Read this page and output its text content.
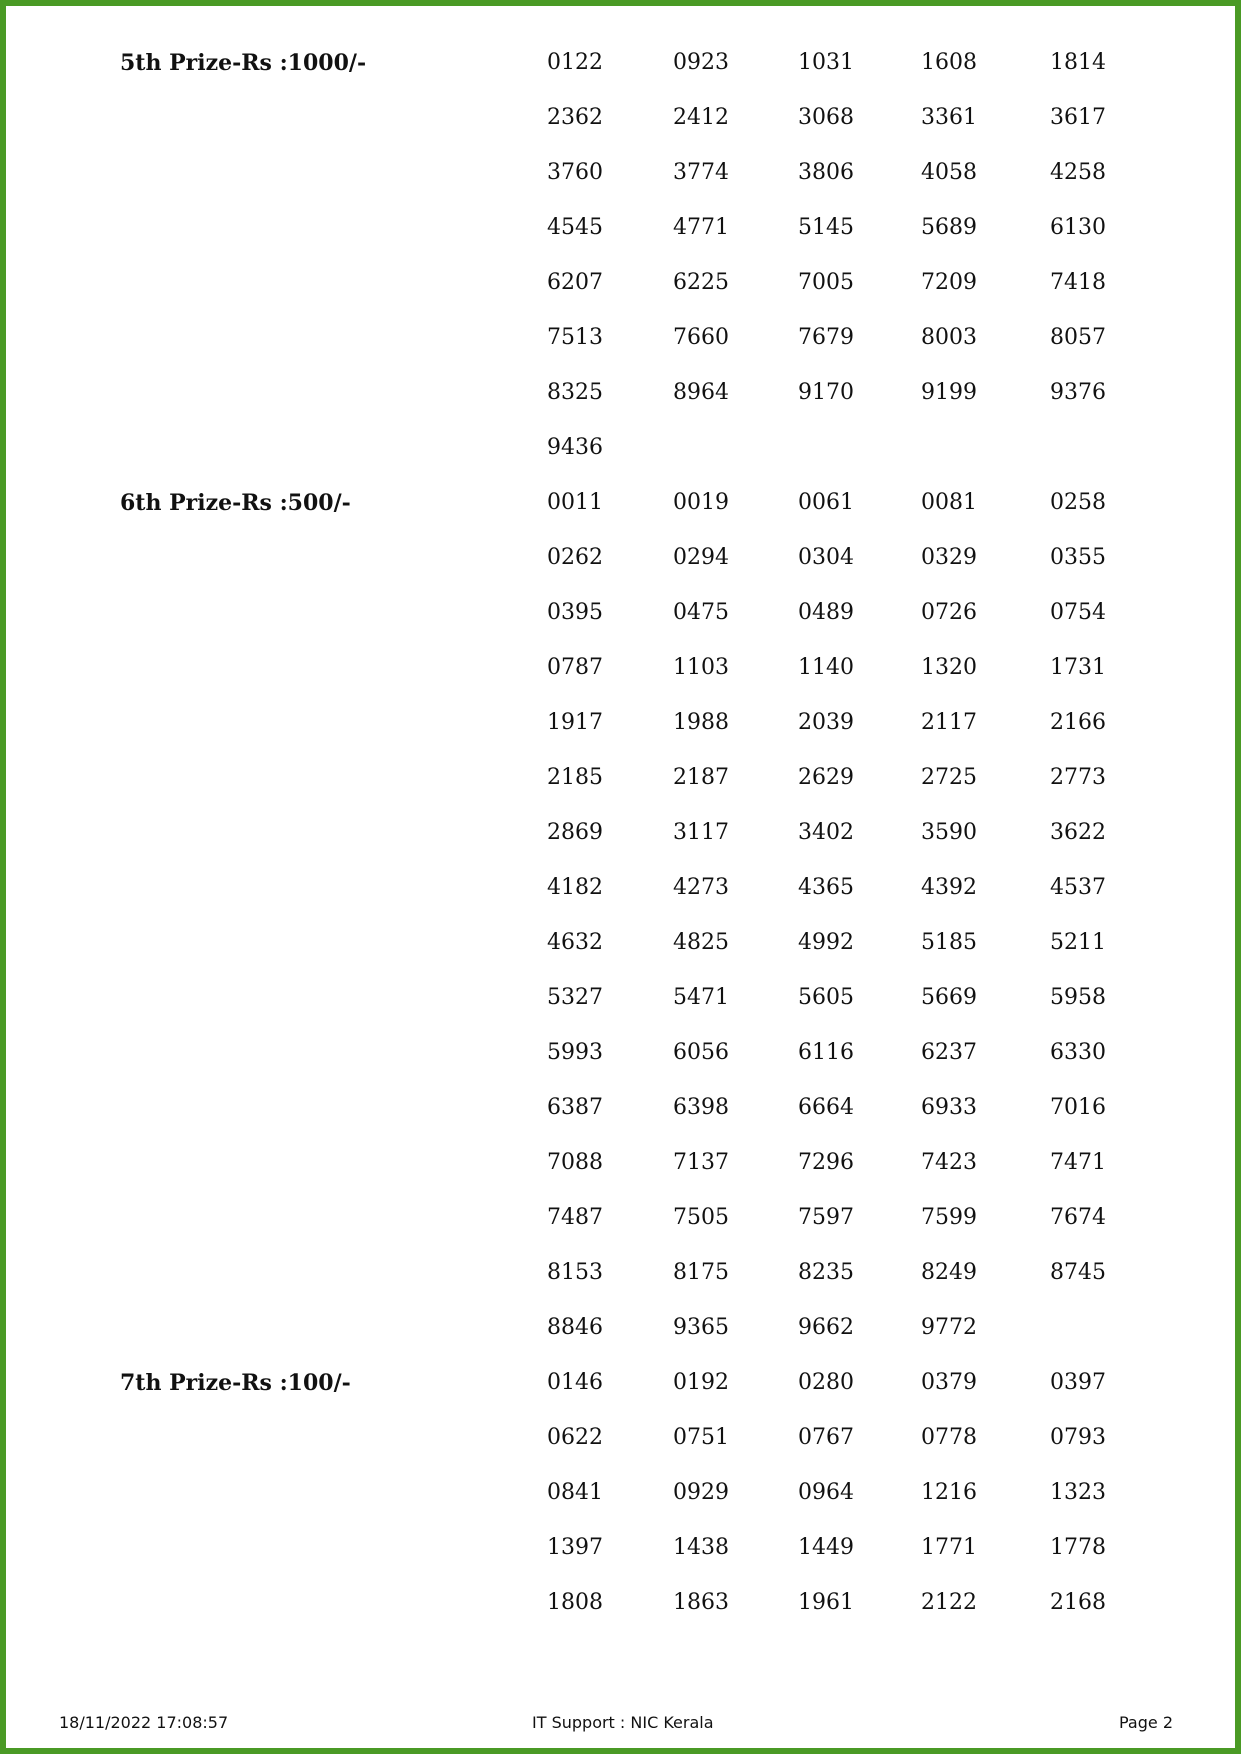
5th Prize-Rs :1000/-	0122	0923	1031	1608	1814
2362	2412	3068	3361	3617
3760	3774	3806	4058	4258
4545	4771	5145	5689	6130
6207	6225	7005	7209	7418
7513	7660	7679	8003	8057
8325	8964	9170	9199	9376
9436
6th Prize-Rs :500/-	0011	0019	0061	0081	0258
0262	0294	0304	0329	0355
0395	0475	0489	0726	0754
0787	1103	1140	1320	1731
1917	1988	2039	2117	2166
2185	2187	2629	2725	2773
2869	3117	3402	3590	3622
4182	4273	4365	4392	4537
4632	4825	4992	5185	5211
5327	5471	5605	5669	5958
5993	6056	6116	6237	6330
6387	6398	6664	6933	7016
7088	7137	7296	7423	7471
7487	7505	7597	7599	7674
8153	8175	8235	8249	8745
8846	9365	9662	9772
7th Prize-Rs :100/-	0146	0192	0280	0379	0397
0622	0751	0767	0778	0793
0841	0929	0964	1216	1323
1397	1438	1449	1771	1778
1808	1863	1961	2122	2168
18/11/2022 17:08:57	IT Support : NIC Kerala	Page 2
